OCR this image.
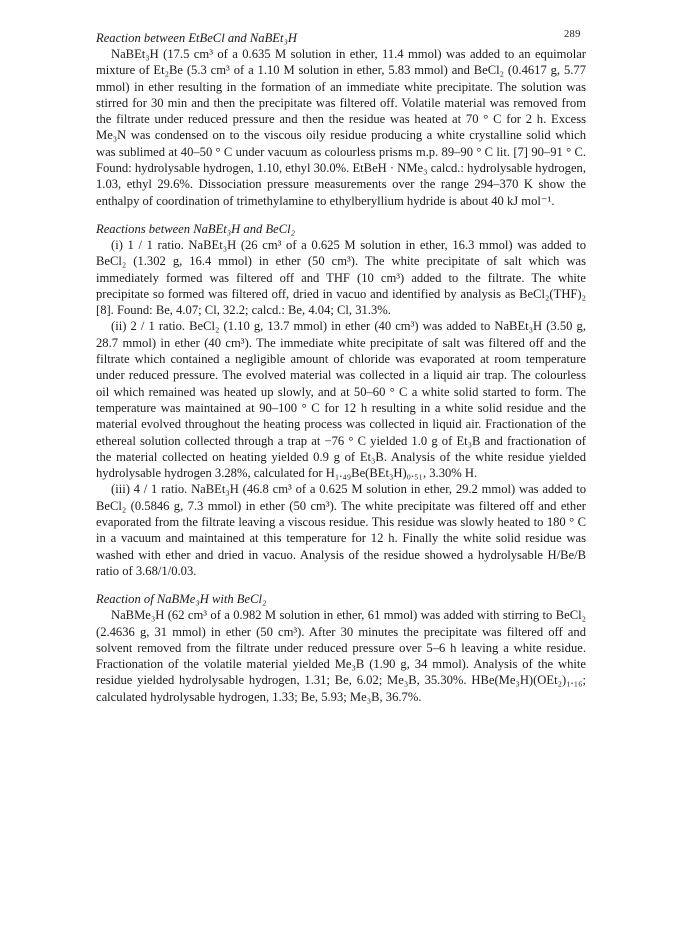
289

Reaction between EtBeCl and NaBEt₃H

NaBEt₃H (17.5 cm³ of a 0.635 M solution in ether, 11.4 mmol) was added to an equimolar mixture of Et₂Be (5.3 cm³ of a 1.10 M solution in ether, 5.83 mmol) and BeCl₂ (0.4617 g, 5.77 mmol) in ether resulting in the formation of an immediate white precipitate. The solution was stirred for 30 min and then the precipitate was filtered off. Volatile material was removed from the filtrate under reduced pressure and then the residue was heated at 70 ° C for 2 h. Excess Me₃N was condensed on to the viscous oily residue producing a white crystalline solid which was sublimed at 40–50 ° C under vacuum as colourless prisms m.p. 89–90 ° C lit. [7] 90–91 ° C. Found: hydrolysable hydrogen, 1.10, ethyl 30.0%. EtBeH · NMe₃ calcd.: hydrolysable hydrogen, 1.03, ethyl 29.6%. Dissociation pressure measurements over the range 294–370 K show the enthalpy of coordination of trimethylamine to ethylberyllium hydride is about 40 kJ mol⁻¹.

Reactions between NaBEt₃H and BeCl₂

(i) 1 / 1 ratio. NaBEt₃H (26 cm³ of a 0.625 M solution in ether, 16.3 mmol) was added to BeCl₂ (1.302 g, 16.4 mmol) in ether (50 cm³). The white precipitate of salt which was immediately formed was filtered off and THF (10 cm³) added to the filtrate. The white precipitate so formed was filtered off, dried in vacuo and identified by analysis as BeCl₂(THF)₂ [8]. Found: Be, 4.07; Cl, 32.2; calcd.: Be, 4.04; Cl, 31.3%.

(ii) 2 / 1 ratio. BeCl₂ (1.10 g, 13.7 mmol) in ether (40 cm³) was added to NaBEt₃H (3.50 g, 28.7 mmol) in ether (40 cm³). The immediate white precipitate of salt was filtered off and the filtrate which contained a negligible amount of chloride was evaporated at room temperature under reduced pressure. The evolved material was collected in a liquid air trap. The colourless oil which remained was heated up slowly, and at 50–60 ° C a white solid started to form. The temperature was maintained at 90–100 ° C for 12 h resulting in a white solid residue and the material evolved throughout the heating process was collected in liquid air. Fractionation of the ethereal solution collected through a trap at −76 ° C yielded 1.0 g of Et₃B and fractionation of the material collected on heating yielded 0.9 g of Et₃B. Analysis of the white residue yielded hydrolysable hydrogen 3.28%, calculated for H₁.₄₉Be(BEt₃H)₀.₅₁, 3.30% H.

(iii) 4 / 1 ratio. NaBEt₃H (46.8 cm³ of a 0.625 M solution in ether, 29.2 mmol) was added to BeCl₂ (0.5846 g, 7.3 mmol) in ether (50 cm³). The white precipitate was filtered off and ether evaporated from the filtrate leaving a viscous residue. This residue was slowly heated to 180 ° C in a vacuum and maintained at this temperature for 12 h. Finally the white solid residue was washed with ether and dried in vacuo. Analysis of the residue showed a hydrolysable H/Be/B ratio of 3.68/1/0.03.

Reaction of NaBMe₃H with BeCl₂

NaBMe₃H (62 cm³ of a 0.982 M solution in ether, 61 mmol) was added with stirring to BeCl₂ (2.4636 g, 31 mmol) in ether (50 cm³). After 30 minutes the precipitate was filtered off and solvent removed from the filtrate under reduced pressure over 5–6 h leaving a white residue. Fractionation of the volatile material yielded Me₃B (1.90 g, 34 mmol). Analysis of the white residue yielded hydrolysable hydrogen, 1.31; Be, 6.02; Me₃B, 35.30%. HBe(Me₃H)(OEt₂)₁.₁₆; calculated hydrolysable hydrogen, 1.33; Be, 5.93; Me₃B, 36.7%.
